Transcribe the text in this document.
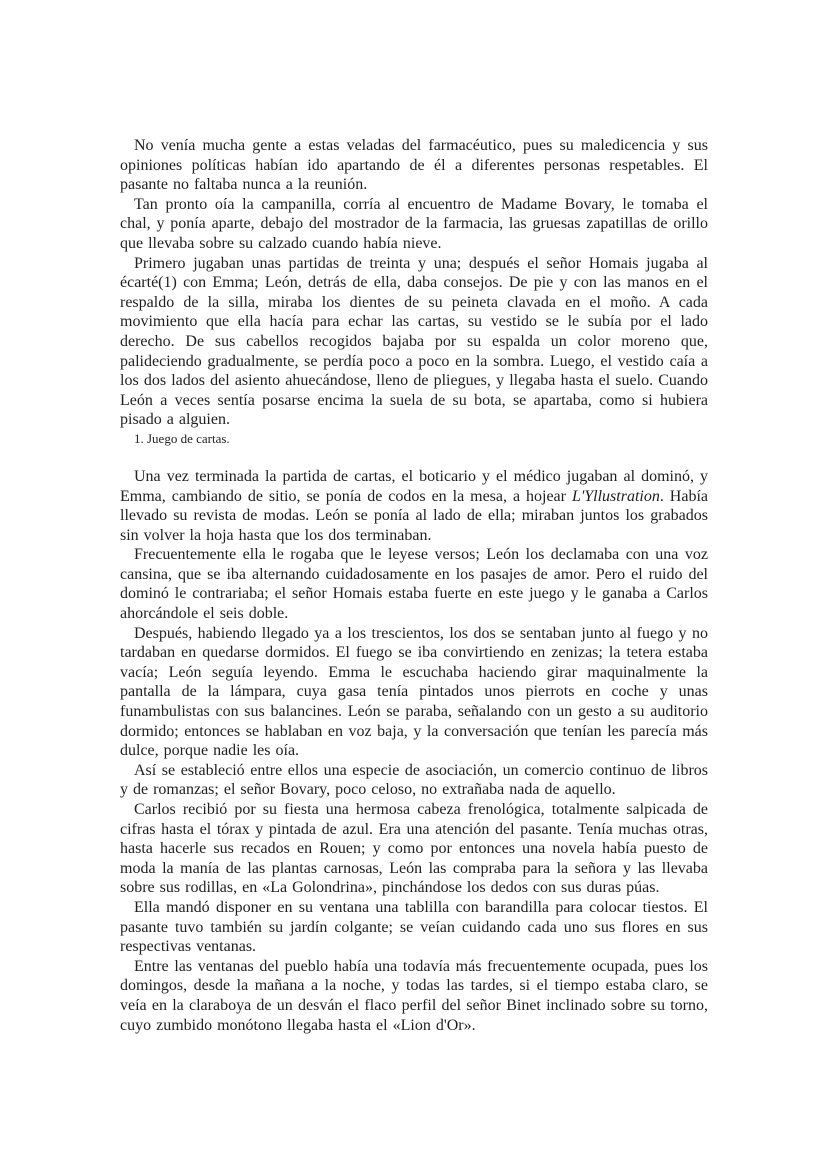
No venía mucha gente a estas veladas del farmacéutico, pues su maledicencia y sus opiniones políticas habían ido apartando de él a diferentes personas respetables. El pasante no faltaba nunca a la reunión.

Tan pronto oía la campanilla, corría al encuentro de Madame Bovary, le tomaba el chal, y ponía aparte, debajo del mostrador de la farmacia, las gruesas zapatillas de orillo que llevaba sobre su calzado cuando había nieve.

Primero jugaban unas partidas de treinta y una; después el señor Homais jugaba al écarté(1) con Emma; León, detrás de ella, daba consejos. De pie y con las manos en el respaldo de la silla, miraba los dientes de su peineta clavada en el moño. A cada movimiento que ella hacía para echar las cartas, su vestido se le subía por el lado derecho. De sus cabellos recogidos bajaba por su espalda un color moreno que, palideciendo gradualmente, se perdía poco a poco en la sombra. Luego, el vestido caía a los dos lados del asiento ahuecándose, lleno de pliegues, y llegaba hasta el suelo. Cuando León a veces sentía posarse encima la suela de su bota, se apartaba, como si hubiera pisado a alguien.

1. Juego de cartas.

Una vez terminada la partida de cartas, el boticario y el médico jugaban al dominó, y Emma, cambiando de sitio, se ponía de codos en la mesa, a hojear L'Yllustration. Había llevado su revista de modas. León se ponía al lado de ella; miraban juntos los grabados sin volver la hoja hasta que los dos terminaban.

Frecuentemente ella le rogaba que le leyese versos; León los declamaba con una voz cansina, que se iba alternando cuidadosamente en los pasajes de amor. Pero el ruido del dominó le contrariaba; el señor Homais estaba fuerte en este juego y le ganaba a Carlos ahorcándole el seis doble.

Después, habiendo llegado ya a los trescientos, los dos se sentaban junto al fuego y no tardaban en quedarse dormidos. El fuego se iba convirtiendo en zenizas; la tetera estaba vacía; León seguía leyendo. Emma le escuchaba haciendo girar maquinalmente la pantalla de la lámpara, cuya gasa tenía pintados unos pierrots en coche y unas funambulistas con sus balancines. León se paraba, señalando con un gesto a su auditorio dormido; entonces se hablaban en voz baja, y la conversación que tenían les parecía más dulce, porque nadie les oía.

Así se estableció entre ellos una especie de asociación, un comercio continuo de libros y de romanzas; el señor Bovary, poco celoso, no extrañaba nada de aquello.

Carlos recibió por su fiesta una hermosa cabeza frenológica, totalmente salpicada de cifras hasta el tórax y pintada de azul. Era una atención del pasante. Tenía muchas otras, hasta hacerle sus recados en Rouen; y como por entonces una novela había puesto de moda la manía de las plantas carnosas, León las compraba para la señora y las llevaba sobre sus rodillas, en «La Golondrina», pinchándose los dedos con sus duras púas.

Ella mandó disponer en su ventana una tablilla con barandilla para colocar tiestos. El pasante tuvo también su jardín colgante; se veían cuidando cada uno sus flores en sus respectivas ventanas.

Entre las ventanas del pueblo había una todavía más frecuentemente ocupada, pues los domingos, desde la mañana a la noche, y todas las tardes, si el tiempo estaba claro, se veía en la claraboya de un desván el flaco perfil del señor Binet inclinado sobre su torno, cuyo zumbido monótono llegaba hasta el «Lion d'Or».
